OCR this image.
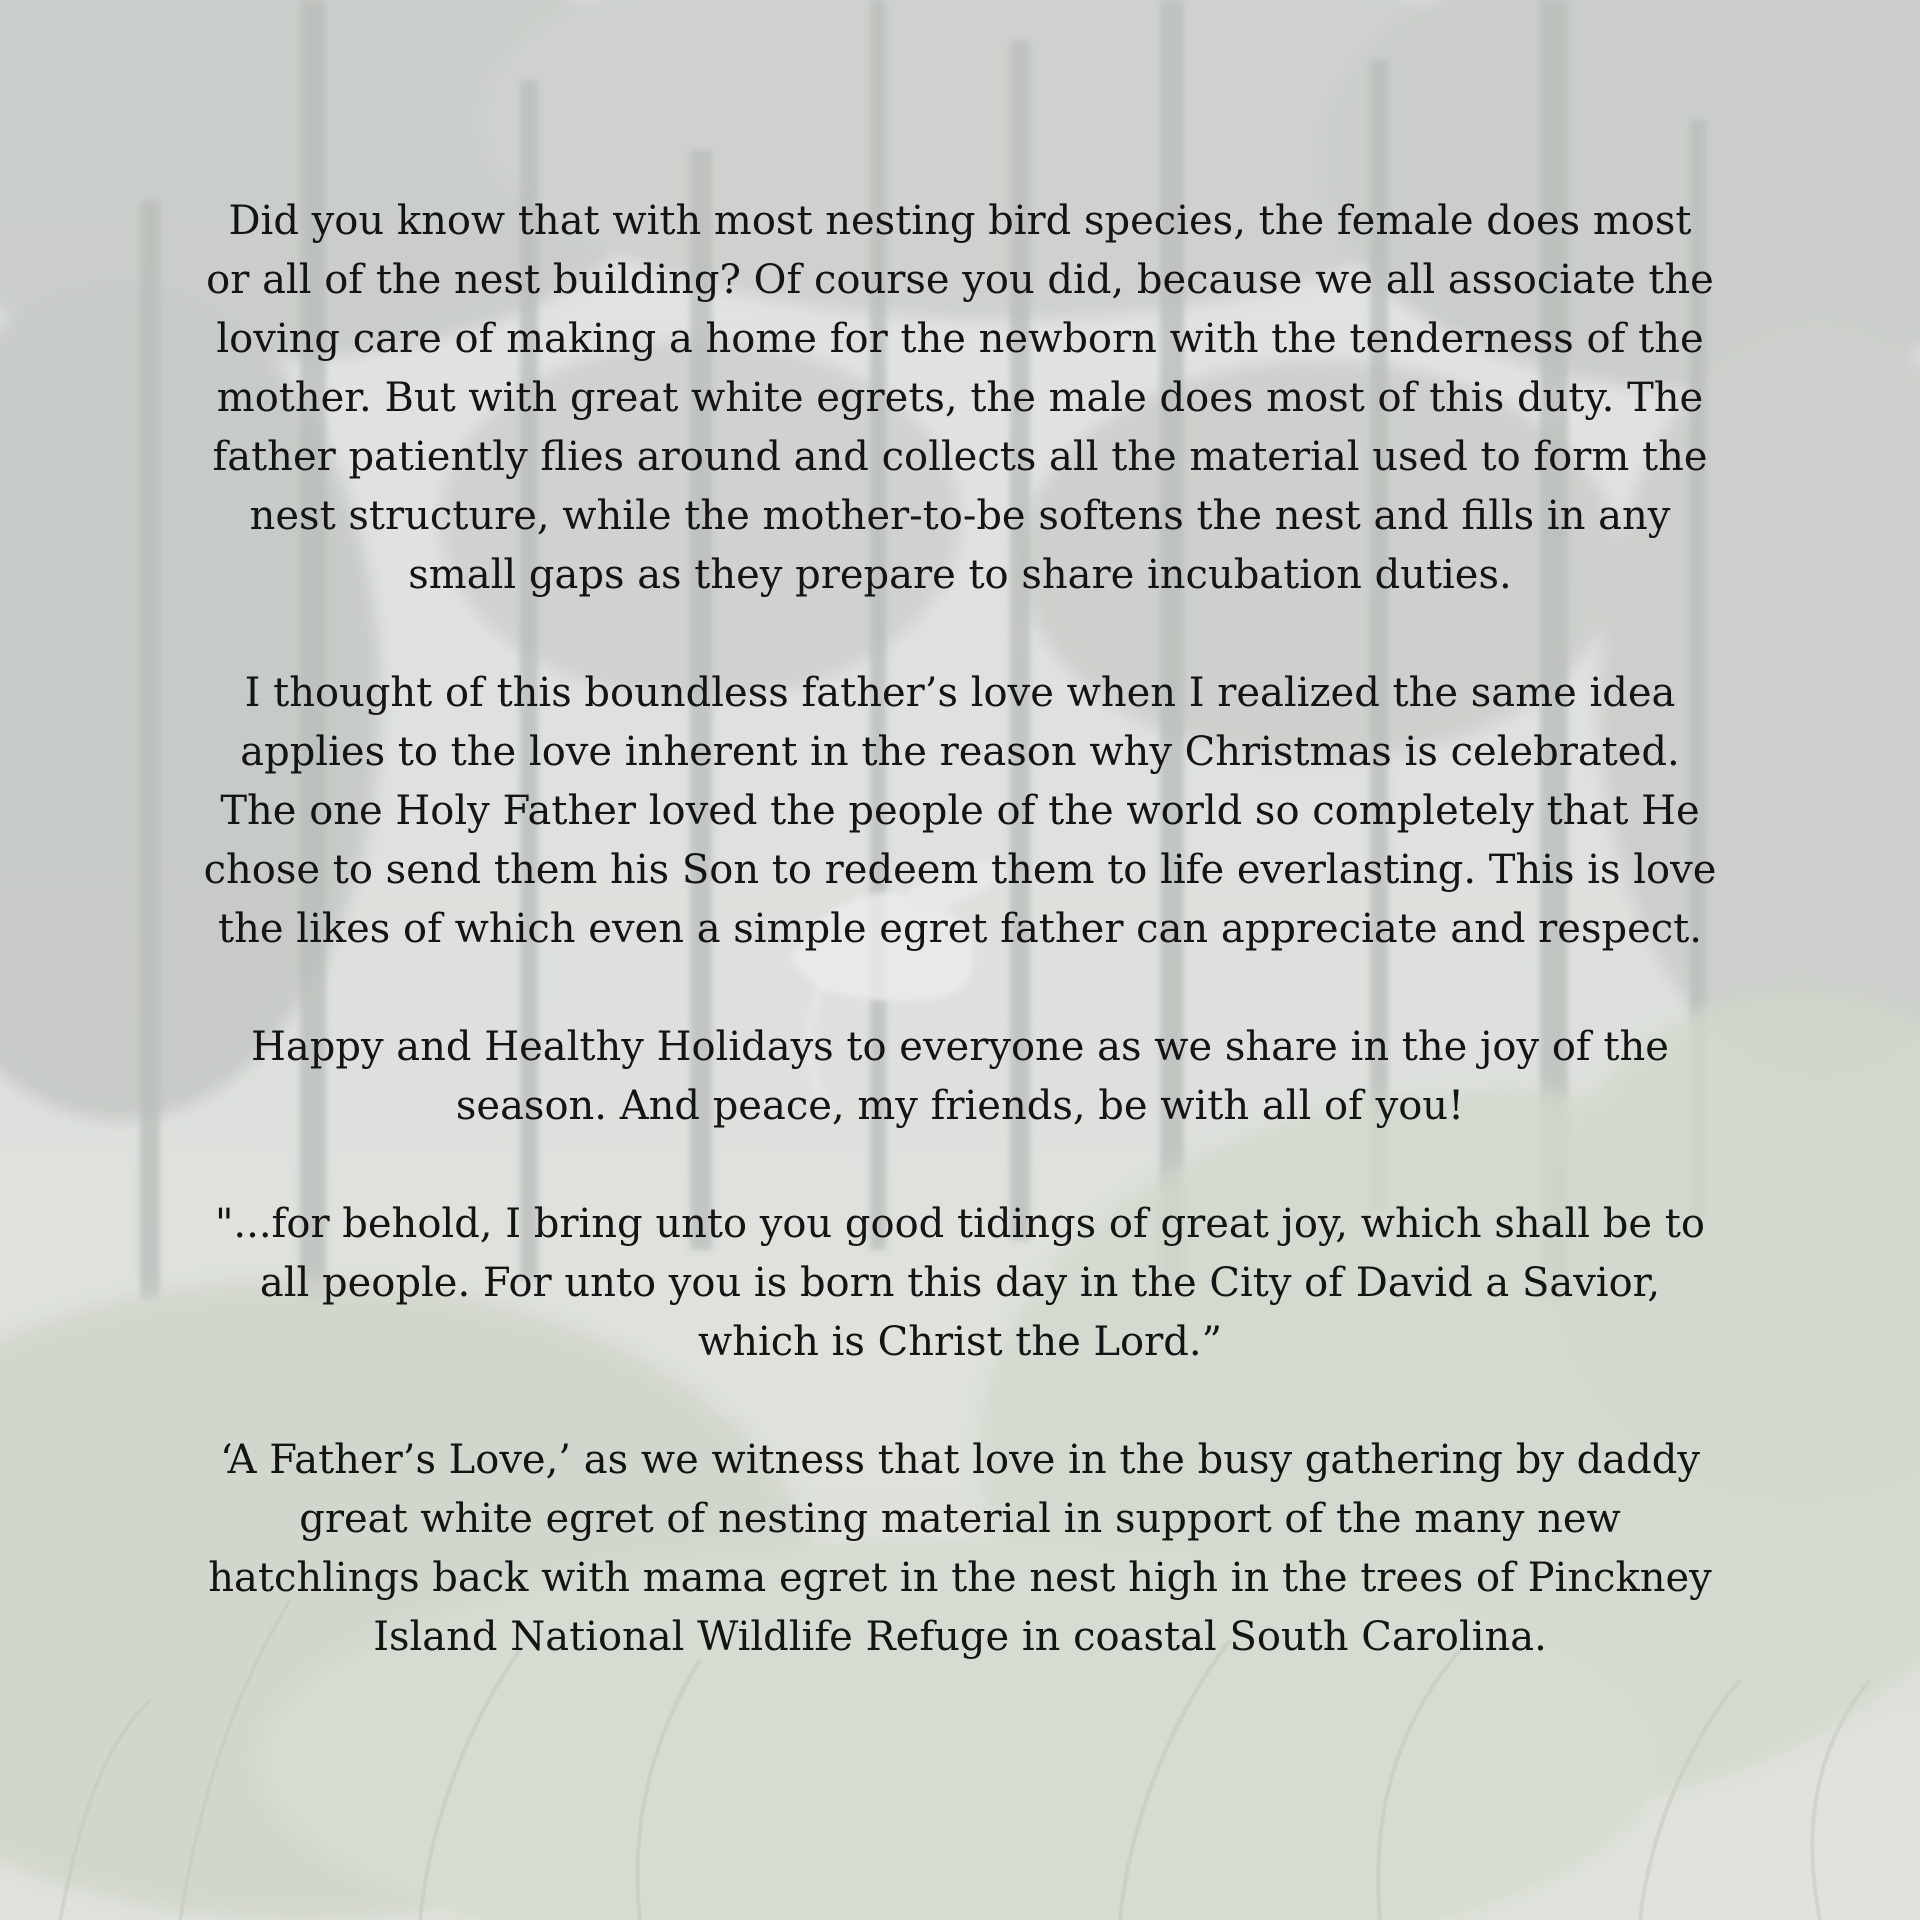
Did you know that with most nesting bird species, the female does most
or all of the nest building? Of course you did, because we all associate the
loving care of making a home for the newborn with the tenderness of the
mother. But with great white egrets, the male does most of this duty. The
father patiently flies around and collects all the material used to form the
nest structure, while the mother-to-be softens the nest and fills in any
small gaps as they prepare to share incubation duties.

I thought of this boundless father’s love when I realized the same idea
applies to the love inherent in the reason why Christmas is celebrated.
The one Holy Father loved the people of the world so completely that He
chose to send them his Son to redeem them to life everlasting. This is love
the likes of which even a simple egret father can appreciate and respect.

Happy and Healthy Holidays to everyone as we share in the joy of the
season. And peace, my friends, be with all of you!

"...for behold, I bring unto you good tidings of great joy, which shall be to
all people. For unto you is born this day in the City of David a Savior,
which is Christ the Lord.”

‘A Father’s Love,’ as we witness that love in the busy gathering by daddy
great white egret of nesting material in support of the many new
hatchlings back with mama egret in the nest high in the trees of Pinckney
Island National Wildlife Refuge in coastal South Carolina.
